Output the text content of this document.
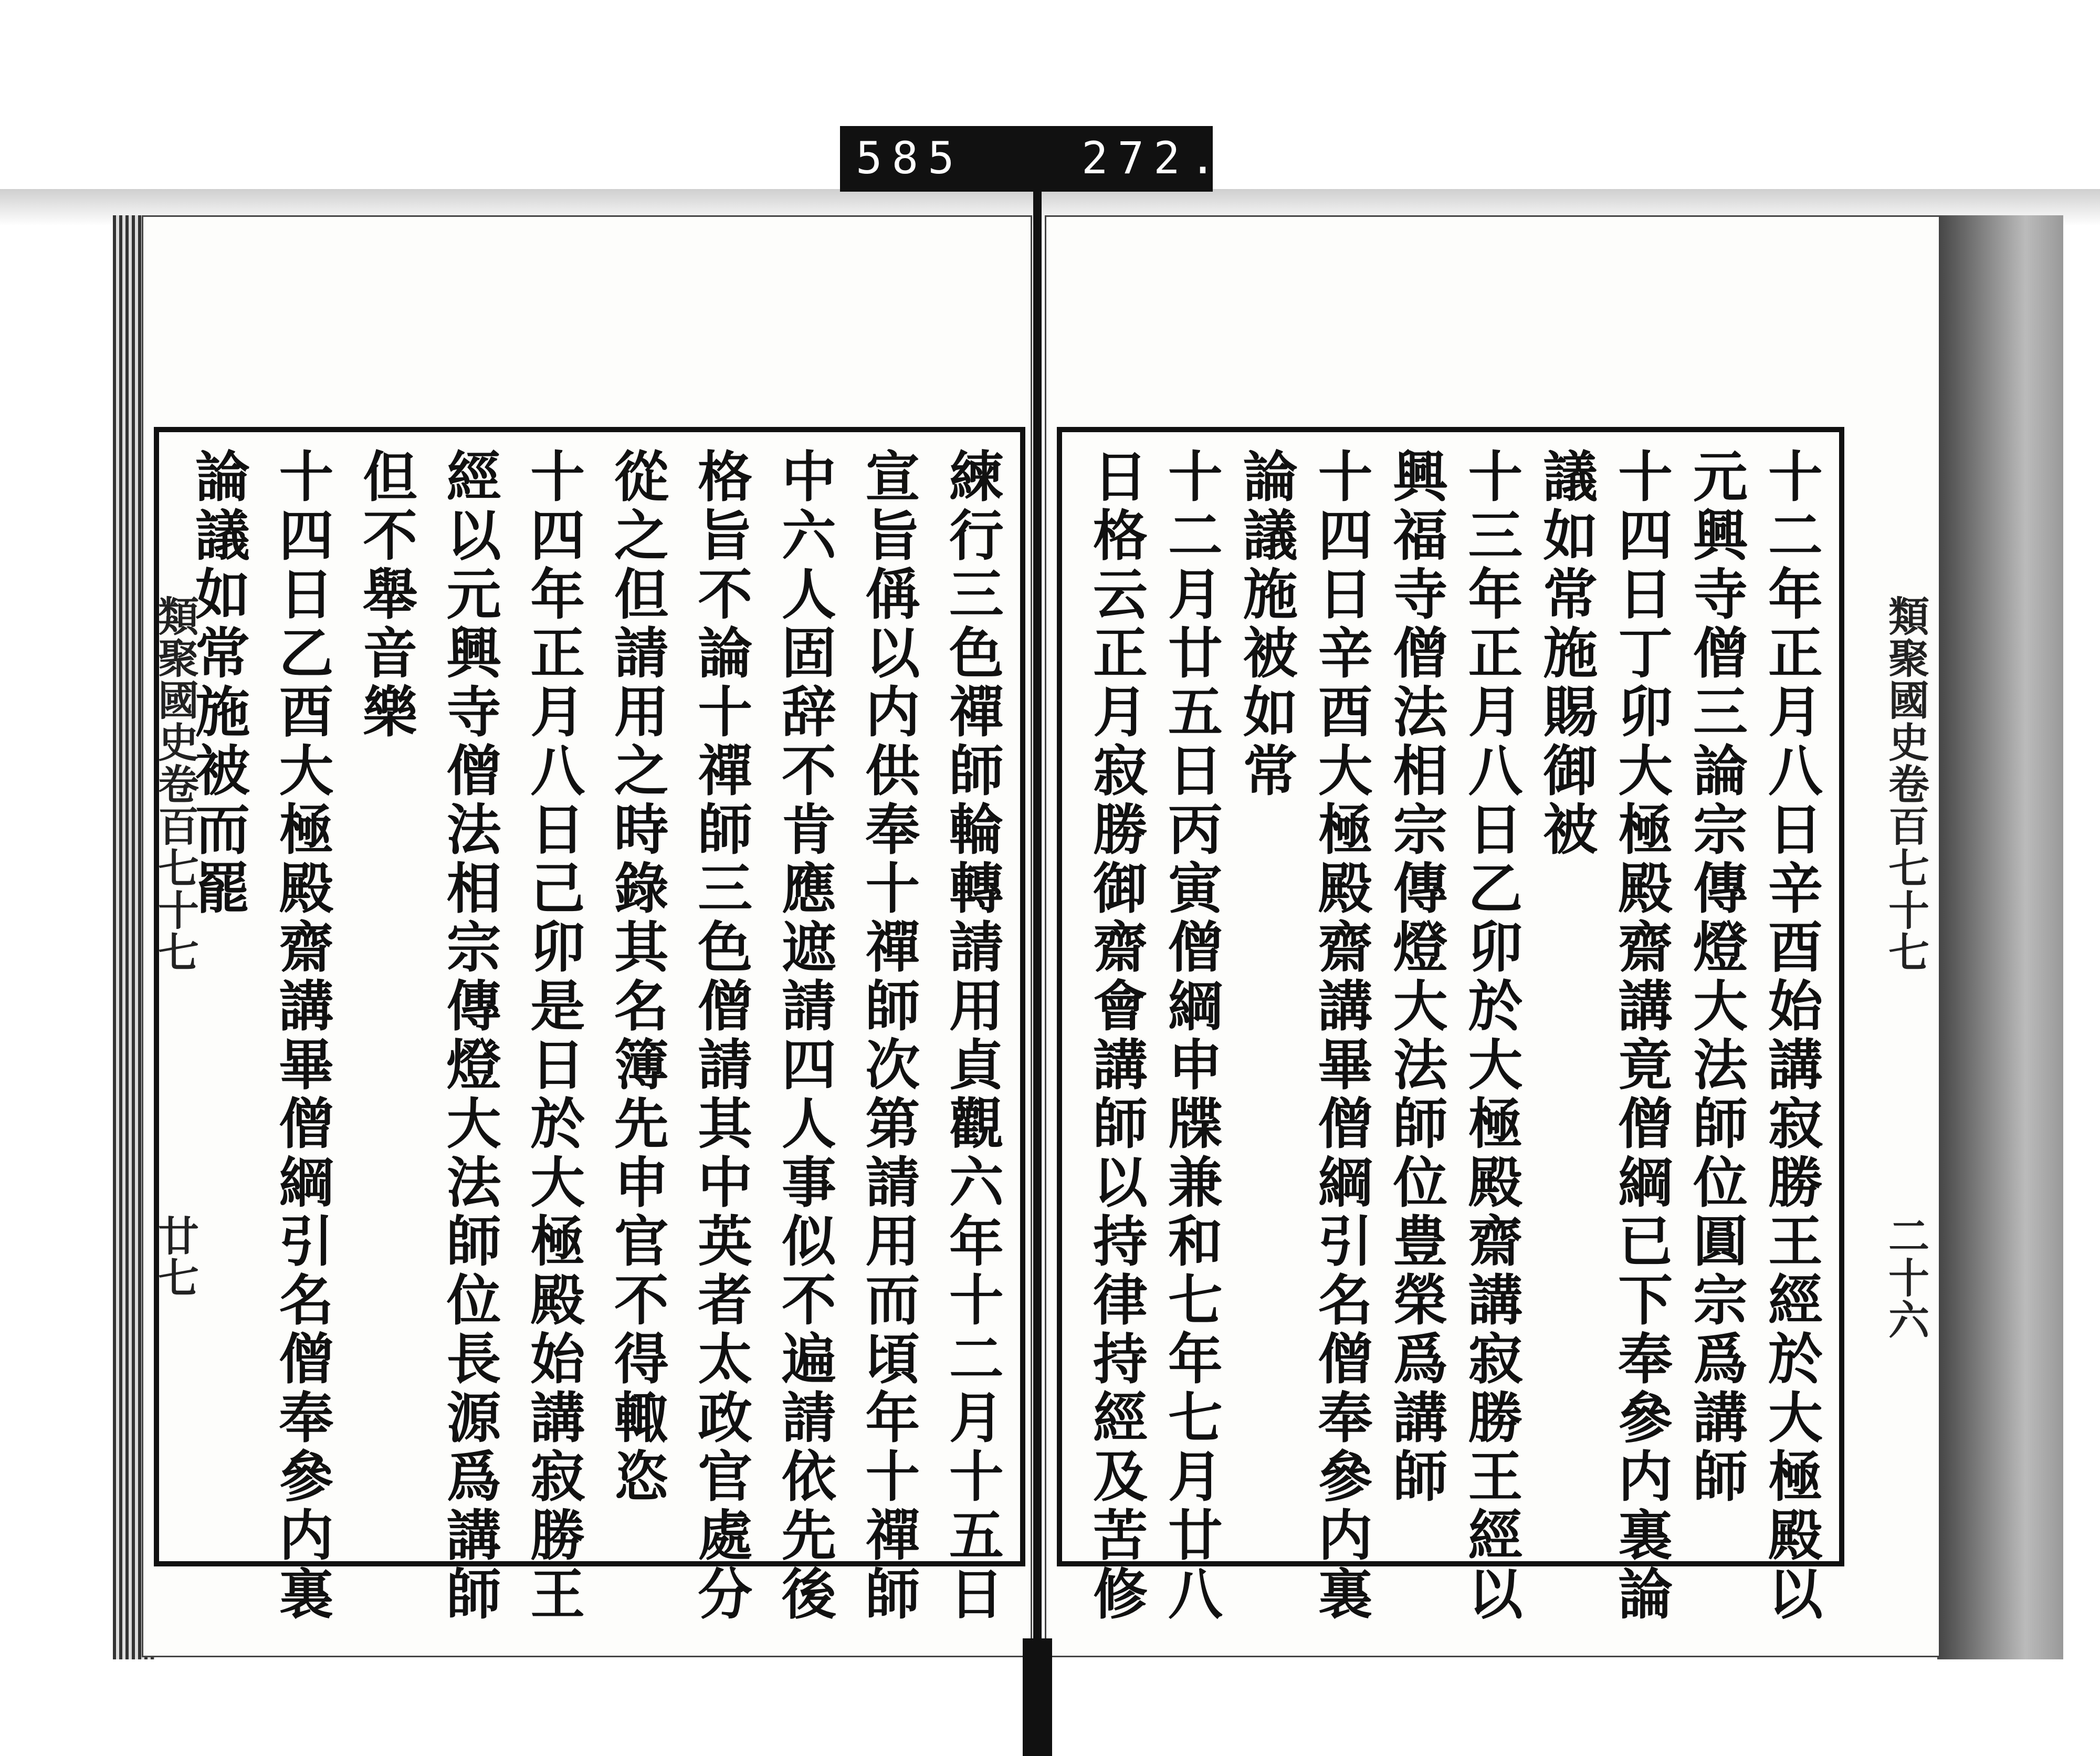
585	272.
類聚國史卷百七十七
廿七	練行三色禪師輪轉請用貞觀六年十二月十五日
宣旨偁以内供奉十禪師次第請用而頃年十禪師
中六人固辞不肯應遮請四人事似不遍請依先後
格旨不論十禪師三色僧請其中英者太政官處分
從之但請用之時錄其名簿先申官不得輙恣
十四年正月八日己卯是日於大極殿始講寂勝王
經以元興寺僧法相宗傳燈大法師位長源爲講師
但不舉音樂
十四日乙酉大極殿齋講畢僧綱引名僧奉參内裏
論議如常施被而罷	十二年正月八日辛酉始講寂勝王經於大極殿以
元興寺僧三論宗傳燈大法師位圓宗爲講師
十四日丁卯大極殿齋講竟僧綱已下奉參内裏論
議如常施賜御被
十三年正月八日乙卯於大極殿齋講寂勝王經以
興福寺僧法相宗傳燈大法師位豊榮爲講師
十四日辛酉大極殿齋講畢僧綱引名僧奉參内裏
論議施被如常
十二月廿五日丙寅僧綱申牒兼和七年七月廿八
日格云正月寂勝御齋會講師以持律持經及苦修	類聚國史卷百七十七
二十六
